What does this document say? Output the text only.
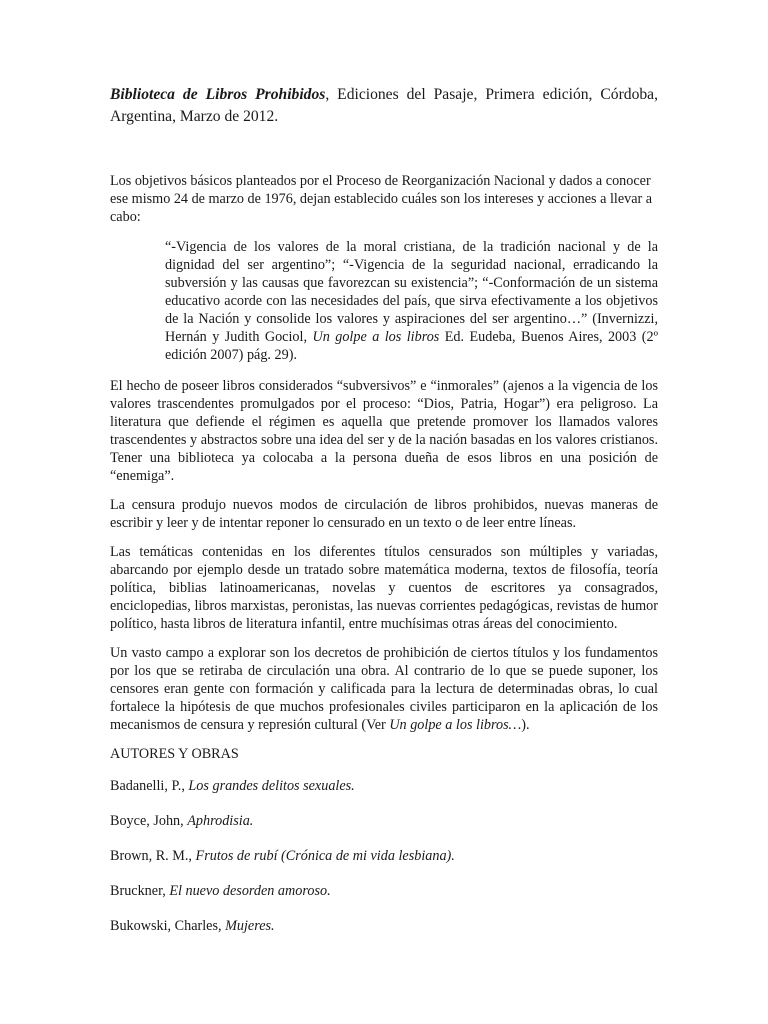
Biblioteca de Libros Prohibidos, Ediciones del Pasaje, Primera edición, Córdoba, Argentina, Marzo de 2012.

Los objetivos básicos planteados por el Proceso de Reorganización Nacional y dados a conocer ese mismo 24 de marzo de 1976, dejan establecido cuáles son los intereses y acciones a llevar a cabo:

“-Vigencia de los valores de la moral cristiana, de la tradición nacional y de la dignidad del ser argentino”; “-Vigencia de la seguridad nacional, erradicando la subversión y las causas que favorezcan su existencia”; “-Conformación de un sistema educativo acorde con las necesidades del país, que sirva efectivamente a los objetivos de la Nación y consolide los valores y aspiraciones del ser argentino…” (Invernizzi, Hernán y Judith Gociol, Un golpe a los libros Ed. Eudeba, Buenos Aires, 2003 (2º edición 2007) pág. 29).

El hecho de poseer libros considerados “subversivos” e “inmorales” (ajenos a la vigencia de los valores trascendentes promulgados por el proceso: “Dios, Patria, Hogar”) era peligroso. La literatura que defiende el régimen es aquella que pretende promover los llamados valores trascendentes y abstractos sobre una idea del ser y de la nación basadas en los valores cristianos. Tener una biblioteca ya colocaba a la persona dueña de esos libros en una posición de “enemiga”.

La censura produjo nuevos modos de circulación de libros prohibidos, nuevas maneras de escribir y leer y de intentar reponer lo censurado en un texto o de leer entre líneas.

Las temáticas contenidas en los diferentes títulos censurados son múltiples y variadas, abarcando por ejemplo desde un tratado sobre matemática moderna, textos de filosofía, teoría política, biblias latinoamericanas, novelas y cuentos de escritores ya consagrados, enciclopedias, libros marxistas, peronistas, las nuevas corrientes pedagógicas, revistas de humor político, hasta libros de literatura infantil, entre muchísimas otras áreas del conocimiento.

Un vasto campo a explorar son los decretos de prohibición de ciertos títulos y los fundamentos por los que se retiraba de circulación una obra. Al contrario de lo que se puede suponer, los censores eran gente con formación y calificada para la lectura de determinadas obras, lo cual fortalece la hipótesis de que muchos profesionales civiles participaron en la aplicación de los mecanismos de censura y represión cultural (Ver Un golpe a los libros…).

AUTORES Y OBRAS
Badanelli, P., Los grandes delitos sexuales.
Boyce, John, Aphrodisia.
Brown, R. M., Frutos de rubí (Crónica de mi vida lesbiana).
Bruckner, El nuevo desorden amoroso.
Bukowski, Charles, Mujeres.
